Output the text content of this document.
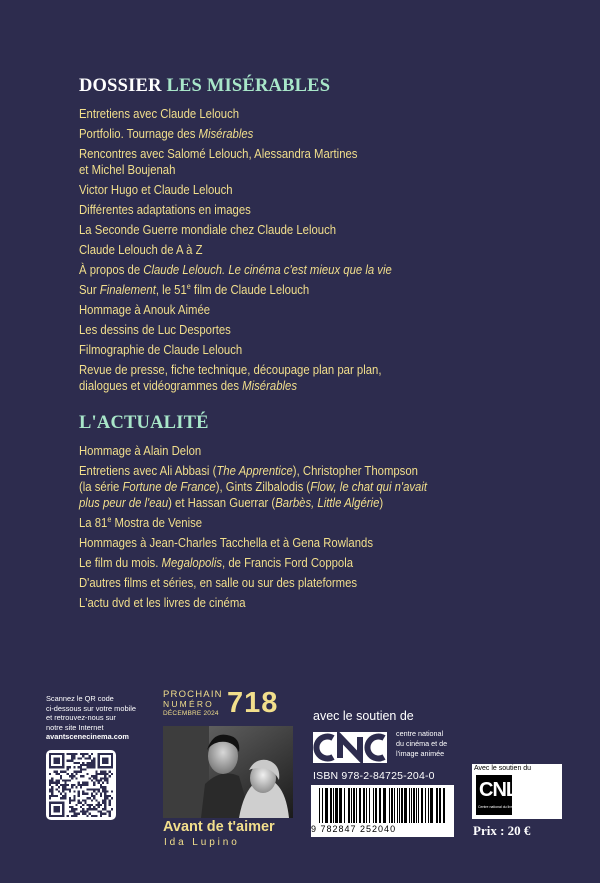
DOSSIER LES MISÉRABLES
Entretiens avec Claude Lelouch
Portfolio. Tournage des Misérables
Rencontres avec Salomé Lelouch, Alessandra Martines
et Michel Boujenah
Victor Hugo et Claude Lelouch
Différentes adaptations en images
La Seconde Guerre mondiale chez Claude Lelouch
Claude Lelouch de A à Z
À propos de Claude Lelouch. Le cinéma c'est mieux que la vie
Sur Finalement, le 51e film de Claude Lelouch
Hommage à Anouk Aimée
Les dessins de Luc Desportes
Filmographie de Claude Lelouch
Revue de presse, fiche technique, découpage plan par plan,
dialogues et vidéogrammes des Misérables
L'ACTUALITÉ
Hommage à Alain Delon
Entretiens avec Ali Abbasi (The Apprentice), Christopher Thompson
(la série Fortune de France), Gints Zilbalodis (Flow, le chat qui n'avait
plus peur de l'eau) et Hassan Guerrar (Barbès, Little Algérie)
La 81e Mostra de Venise
Hommages à Jean-Charles Tacchella et à Gena Rowlands
Le film du mois. Megalopolis, de Francis Ford Coppola
D'autres films et séries, en salle ou sur des plateformes
L'actu dvd et les livres de cinéma
Scannez le QR code
ci-dessous sur votre mobile
et retrouvez-nous sur
notre site Internet
avantscenecinema.com
PROCHAIN
NUMÉRO
DÉCEMBRE 2024 718
Avant de t'aimer
Ida Lupino
avec le soutien de
centre national
du cinéma et de
l'image animée
ISBN 978-2-84725-204-0
9 782847 252040
Avec le soutien du
CNL
Centre national du livre
Prix : 20 €
